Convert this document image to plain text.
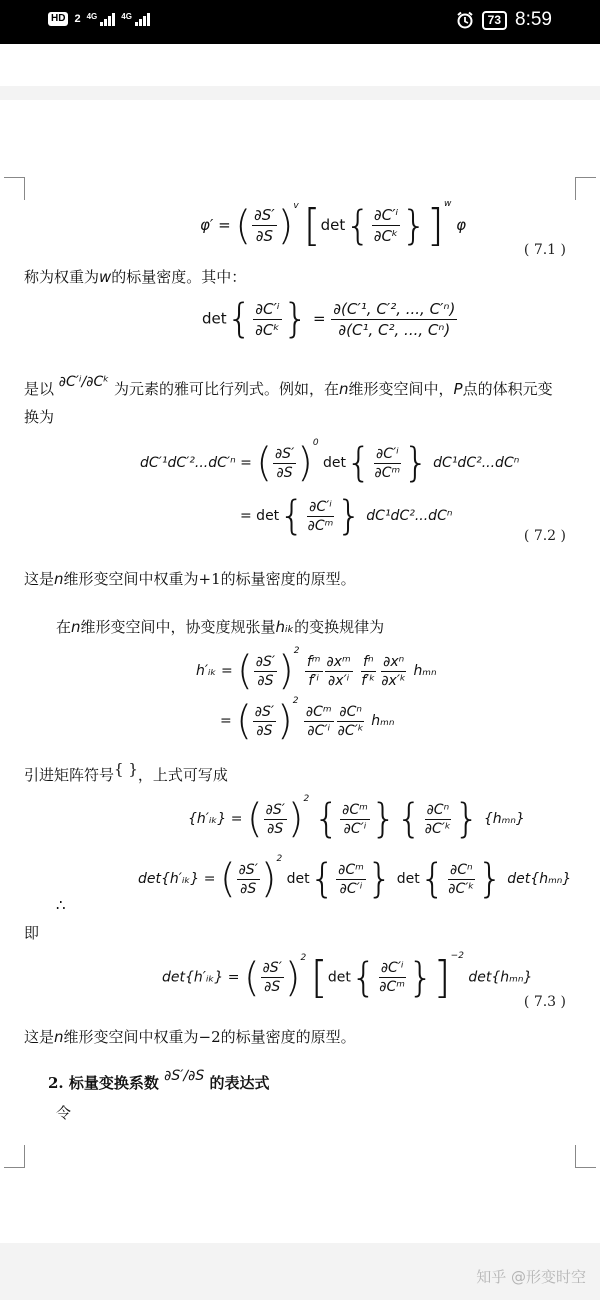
HD 2 4G	4G	73 8:59
φ′ = ( $\frac{\partial S'}{\partial S} )^v$ $[\det\{ \frac{\text{∂C′ⁱ}}{\text{∂Cᵏ}} \}]^w$ φ
( 7.1 )
称为权重为w的标量密度。其中：
$\det\{ \frac{\text{∂C′ⁱ}}{\text{∂Cᵏ}}$ } = $\frac{\text{∂(C′¹, C′², ..., C′ⁿ)}}{\text{∂(C¹, C², ..., Cⁿ)}}$
是以 ∂C′ⁱ∕∂Cᵏ 为元素的雅可比行列式。例如，在n维形变空间中，P点的体积元变
换为
dC′¹dC′²...dC′ⁿ = ( $\frac{\partial S'}{\partial S} )^0$ $\det\{ \frac{\text{∂C′ⁱ}}{\text{∂Cᵐ}}$ } dC¹dC²...dCⁿ
= $\det\{ \frac{\text{∂C′ⁱ}}{\text{∂Cᵐ}}$ } dC¹dC²...dCⁿ
( 7.2 )
这是n维形变空间中权重为+1的标量密度的原型。
在n维形变空间中，协变度规张量hᵢₖ的变换规律为
h′ᵢₖ = ( $\frac{\partial S'}{\partial S} )^2$
$\frac{\text{fᵐ}}{\text{f′ⁱ}} \frac{\text{∂xᵐ}}{\text{∂x′ⁱ}}$
$\frac{\text{fⁿ}}{\text{f′ᵏ}} \frac{\text{∂xⁿ}}{\text{∂x′ᵏ}}$ hₘₙ
= ( $\frac{\partial S'}{\partial S} )^2$
$\frac{\text{∂Cᵐ}}{\text{∂C′ⁱ}} \frac{\text{∂Cⁿ}}{\text{∂C′ᵏ}}$ hₘₙ
引进矩阵符号{ }，上式可写成
{h′ᵢₖ} = ( $\frac{\partial S'}{\partial S} )^2$ { $\frac{\text{∂Cᵐ}}{\text{∂C′ⁱ}}$ }{ $\frac{\text{∂Cⁿ}}{\text{∂C′ᵏ}}$ } {hₘₙ}
det{h′ᵢₖ} = ( $\frac{\partial S'}{\partial S} )^2$ $\det\{ \frac{\text{∂Cᵐ}}{\text{∂C′ⁱ}}$ } $\det\{ \frac{\text{∂Cⁿ}}{\text{∂C′ᵏ}}$ } det{hₘₙ}
∴
即
det{h′ᵢₖ} = ( $\frac{\partial S'}{\partial S} )^2$ $[\det\{ \frac{\text{∂C′ⁱ}}{\text{∂Cᵐ}} \}]^{-2}$ det{hₘₙ}
( 7.3 )
这是n维形变空间中权重为−2的标量密度的原型。
2. 标量变换系数 ∂S′∕∂S 的表达式
令
知乎 @形变时空
